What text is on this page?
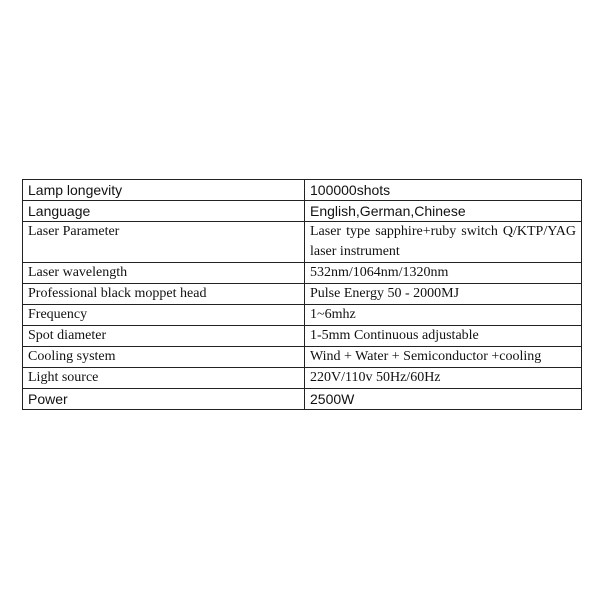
Lamp longevity	100000shots
Language	English,German,Chinese
Laser Parameter	Laser type sapphire+ruby switch Q/KTP/YAG laser instrument
Laser wavelength	532nm/1064nm/1320nm
Professional black moppet head	Pulse Energy 50 - 2000MJ
Frequency	1~6mhz
Spot diameter	1-5mm Continuous adjustable
Cooling system	Wind + Water + Semiconductor +cooling
Light source	220V/110v 50Hz/60Hz
Power	2500W
